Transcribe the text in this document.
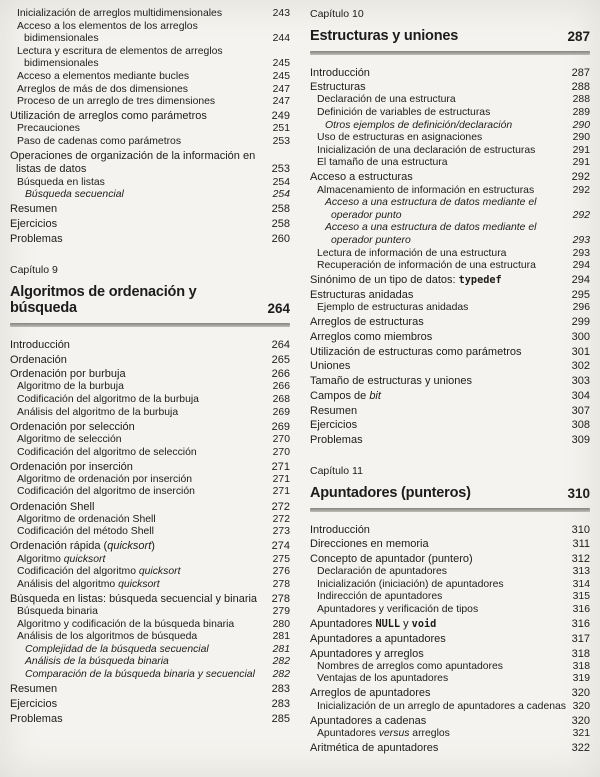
Inicialización de arreglos multidimensionales	243
Acceso a los elementos de los arreglos bidimensionales	244
Lectura y escritura de elementos de arreglos bidimensionales	245
Acceso a elementos mediante bucles	245
Arreglos de más de dos dimensiones	247
Proceso de un arreglo de tres dimensiones	247
Utilización de arreglos como parámetros	249
Precauciones	251
Paso de cadenas como parámetros	253
Operaciones de organización de la información en listas de datos	253
Búsqueda en listas	254
Búsqueda secuencial	254
Resumen	258
Ejercicios	258
Problemas	260
Capítulo 9
Algoritmos de ordenación y búsqueda	264
Introducción	264
Ordenación	265
Ordenación por burbuja	266
Algoritmo de la burbuja	266
Codificación del algoritmo de la burbuja	268
Análisis del algoritmo de la burbuja	269
Ordenación por selección	269
Algoritmo de selección	270
Codificación del algoritmo de selección	270
Ordenación por inserción	271
Algoritmo de ordenación por inserción	271
Codificación del algoritmo de inserción	271
Ordenación Shell	272
Algoritmo de ordenación Shell	272
Codificación del método Shell	273
Ordenación rápida (quicksort)	274
Algoritmo quicksort	275
Codificación del algoritmo quicksort	276
Análisis del algoritmo quicksort	278
Búsqueda en listas: búsqueda secuencial y binaria	278
Búsqueda binaria	279
Algoritmo y codificación de la búsqueda binaria	280
Análisis de los algoritmos de búsqueda	281
Complejidad de la búsqueda secuencial	281
Análisis de la búsqueda binaria	282
Comparación de la búsqueda binaria y secuencial	282
Resumen	283
Ejercicios	283
Problemas	285
Capítulo 10
Estructuras y uniones	287
Introducción	287
Estructuras	288
Declaración de una estructura	288
Definición de variables de estructuras	289
Otros ejemplos de definición/declaración	290
Uso de estructuras en asignaciones	290
Inicialización de una declaración de estructuras	291
El tamaño de una estructura	291
Acceso a estructuras	292
Almacenamiento de información en estructuras	292
Acceso a una estructura de datos mediante el operador punto	292
Acceso a una estructura de datos mediante el operador puntero	293
Lectura de información de una estructura	293
Recuperación de información de una estructura	294
Sinónimo de un tipo de datos: typedef	294
Estructuras anidadas	295
Ejemplo de estructuras anidadas	296
Arreglos de estructuras	299
Arreglos como miembros	300
Utilización de estructuras como parámetros	301
Uniones	302
Tamaño de estructuras y uniones	303
Campos de bit	304
Resumen	307
Ejercicios	308
Problemas	309
Capítulo 11
Apuntadores (punteros)	310
Introducción	310
Direcciones en memoria	311
Concepto de apuntador (puntero)	312
Declaración de apuntadores	313
Inicialización (iniciación) de apuntadores	314
Indirección de apuntadores	315
Apuntadores y verificación de tipos	316
Apuntadores NULL y void	316
Apuntadores a apuntadores	317
Apuntadores y arreglos	318
Nombres de arreglos como apuntadores	318
Ventajas de los apuntadores	319
Arreglos de apuntadores	320
Inicialización de un arreglo de apuntadores a cadenas 320
Apuntadores a cadenas	320
Apuntadores versus arreglos	321
Aritmética de apuntadores	322
